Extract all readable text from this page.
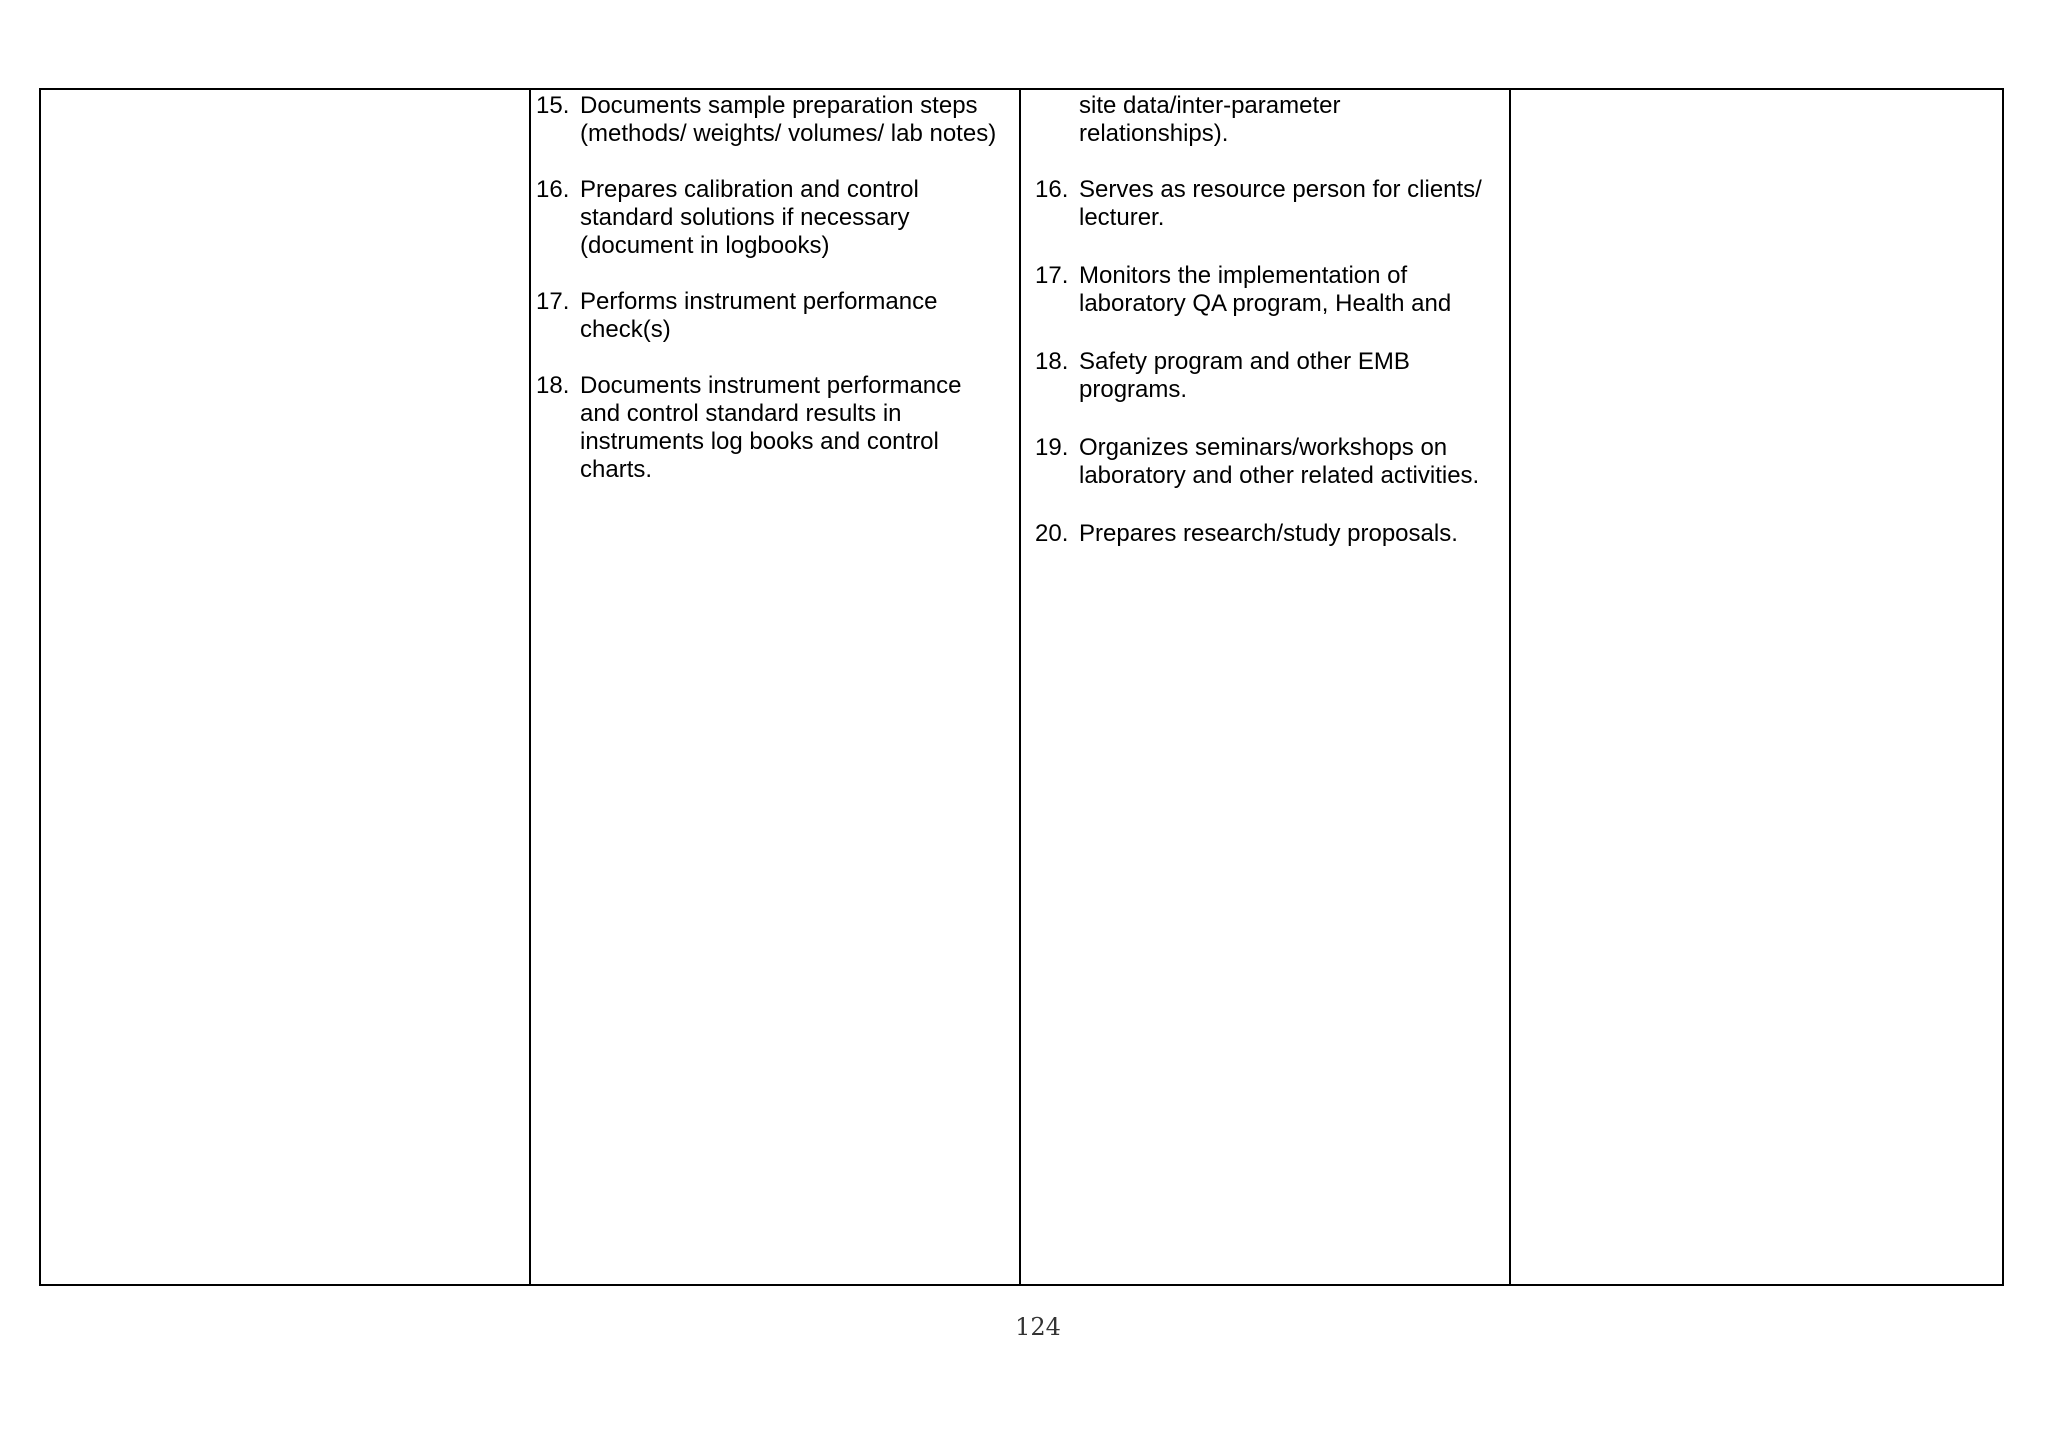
15. Documents sample preparation steps
(methods/ weights/ volumes/ lab notes)
16. Prepares calibration and control
standard solutions if necessary
(document in logbooks)
17. Performs instrument performance
check(s)
18. Documents instrument performance
and control standard results in
instruments log books and control
charts.
site data/inter-parameter
relationships).
16. Serves as resource person for clients/
lecturer.
17. Monitors the implementation of
laboratory QA program, Health and
18. Safety program and other EMB
programs.
19. Organizes seminars/workshops on
laboratory and other related activities.
20. Prepares research/study proposals.
124
